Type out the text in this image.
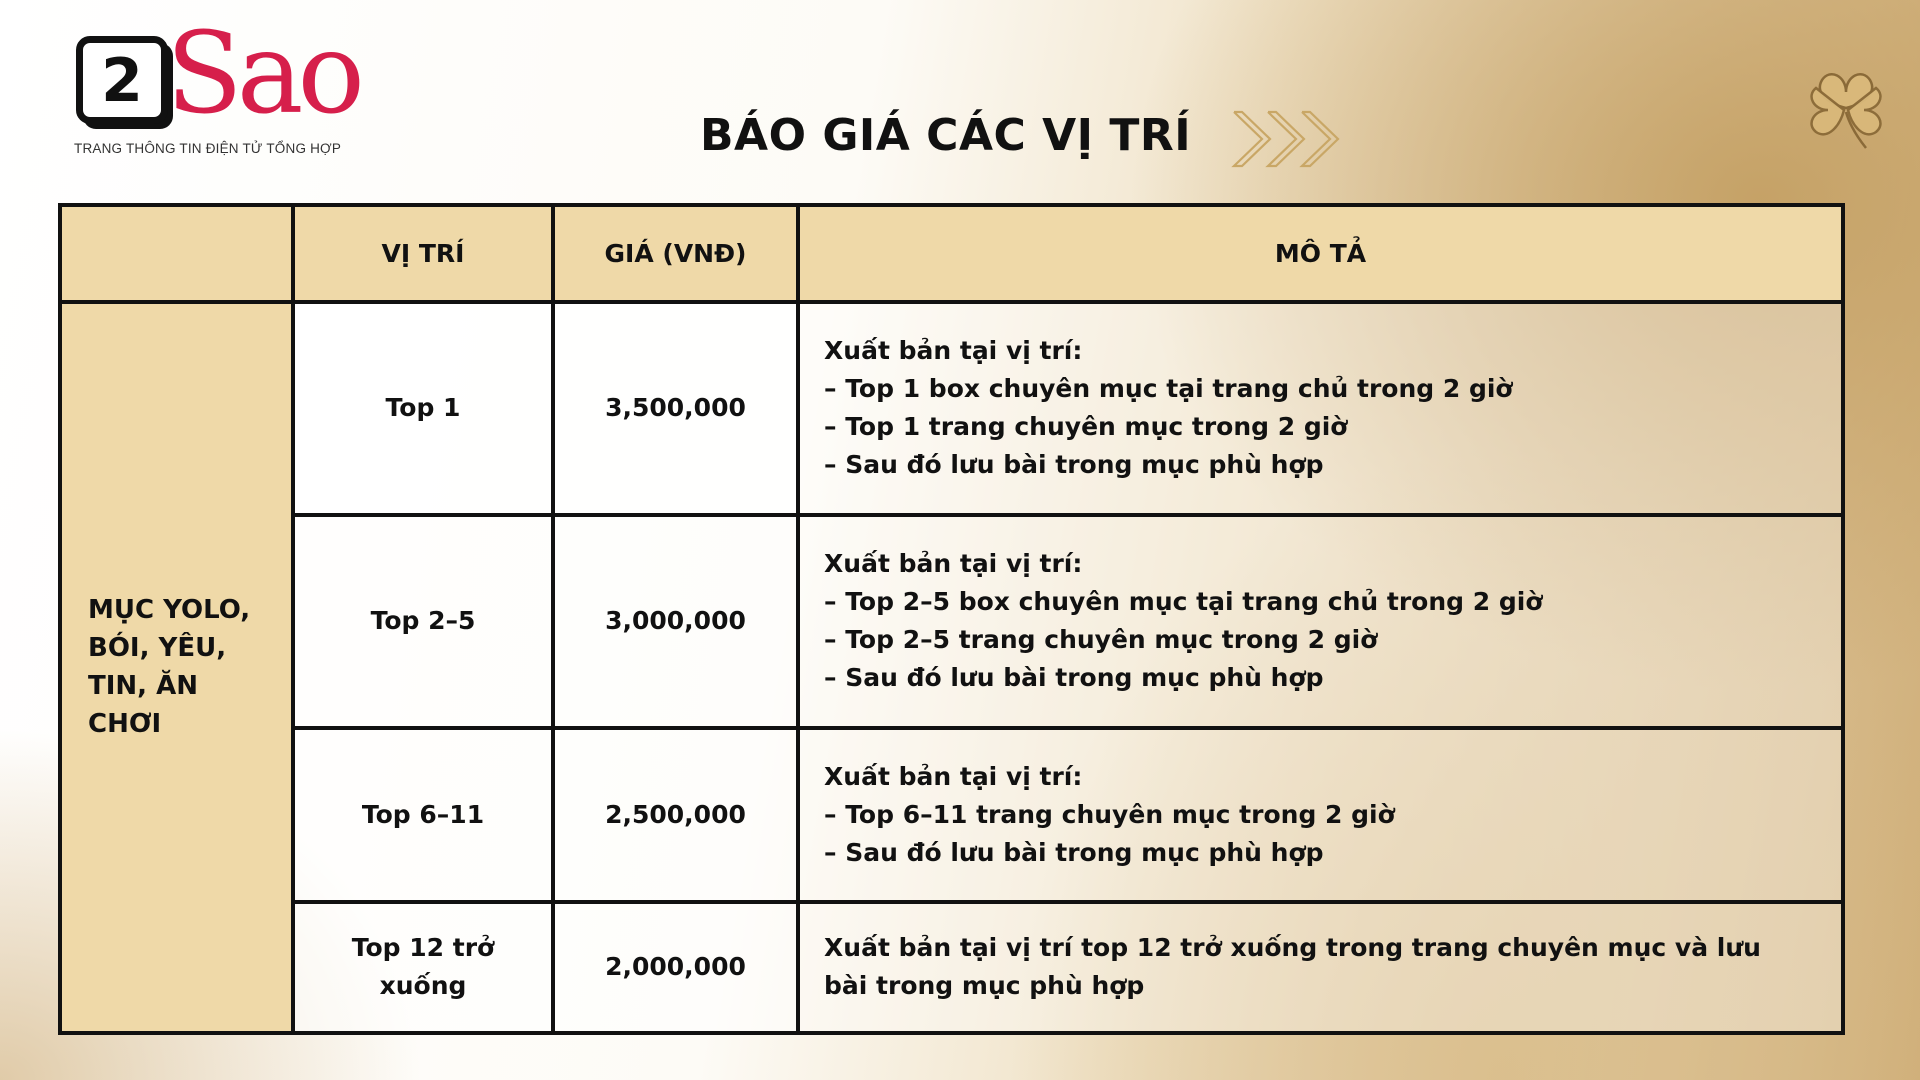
2 Sao
TRANG THÔNG TIN ĐIỆN TỬ TỔNG HỢP	BÁO GIÁ CÁC VỊ TRÍ
	VỊ TRÍ	GIÁ (VNĐ)	MÔ TẢ

MỤC YOLO,
BÓI, YÊU,
TIN, ĂN
CHƠI	Top 1	3,500,000	Xuất bản tại vị trí:
– Top 1 box chuyên mục tại trang chủ trong 2 giờ
– Top 1 trang chuyên mục trong 2 giờ
– Sau đó lưu bài trong mục phù hợp

	Top 2–5	3,000,000	Xuất bản tại vị trí:
– Top 2–5 box chuyên mục tại trang chủ trong 2 giờ
– Top 2–5 trang chuyên mục trong 2 giờ
– Sau đó lưu bài trong mục phù hợp

	Top 6–11	2,500,000	Xuất bản tại vị trí:
– Top 6–11 trang chuyên mục trong 2 giờ
– Sau đó lưu bài trong mục phù hợp

	Top 12 trở
xuống	2,000,000	Xuất bản tại vị trí top 12 trở xuống trong trang chuyên mục và lưu bài trong mục phù hợp
